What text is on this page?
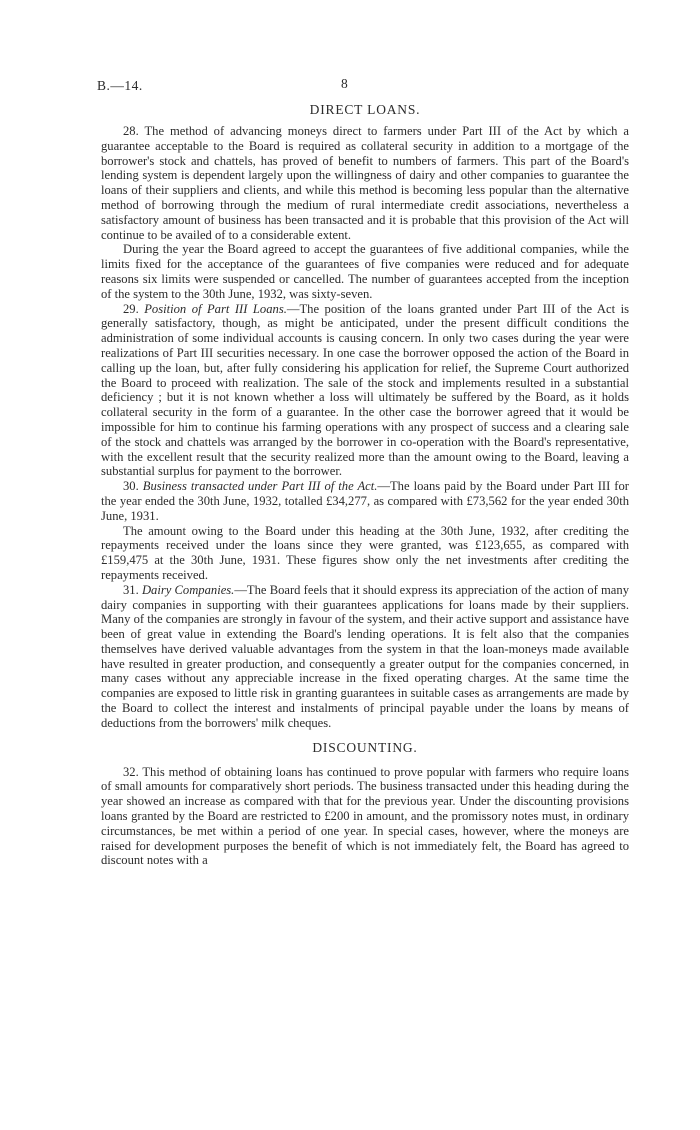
B.—14.	8
DIRECT LOANS.

28. The method of advancing moneys direct to farmers under Part III of the Act by which a guarantee acceptable to the Board is required as collateral security in addition to a mortgage of the borrower's stock and chattels, has proved of benefit to numbers of farmers. This part of the Board's lending system is dependent largely upon the willingness of dairy and other companies to guarantee the loans of their suppliers and clients, and while this method is becoming less popular than the alternative method of borrowing through the medium of rural intermediate credit associations, nevertheless a satisfactory amount of business has been transacted and it is probable that this provision of the Act will continue to be availed of to a considerable extent.

During the year the Board agreed to accept the guarantees of five additional companies, while the limits fixed for the acceptance of the guarantees of five companies were reduced and for adequate reasons six limits were suspended or cancelled. The number of guarantees accepted from the inception of the system to the 30th June, 1932, was sixty-seven.

29. Position of Part III Loans.—The position of the loans granted under Part III of the Act is generally satisfactory, though, as might be anticipated, under the present difficult conditions the administration of some individual accounts is causing concern. In only two cases during the year were realizations of Part III securities necessary. In one case the borrower opposed the action of the Board in calling up the loan, but, after fully considering his application for relief, the Supreme Court authorized the Board to proceed with realization. The sale of the stock and implements resulted in a substantial deficiency ; but it is not known whether a loss will ultimately be suffered by the Board, as it holds collateral security in the form of a guarantee. In the other case the borrower agreed that it would be impossible for him to continue his farming operations with any prospect of success and a clearing sale of the stock and chattels was arranged by the borrower in co-operation with the Board's representative, with the excellent result that the security realized more than the amount owing to the Board, leaving a substantial surplus for payment to the borrower.

30. Business transacted under Part III of the Act.—The loans paid by the Board under Part III for the year ended the 30th June, 1932, totalled £34,277, as compared with £73,562 for the year ended 30th June, 1931.

The amount owing to the Board under this heading at the 30th June, 1932, after crediting the repayments received under the loans since they were granted, was £123,655, as compared with £159,475 at the 30th June, 1931. These figures show only the net investments after crediting the repayments received.

31. Dairy Companies.—The Board feels that it should express its appreciation of the action of many dairy companies in supporting with their guarantees applications for loans made by their suppliers. Many of the companies are strongly in favour of the system, and their active support and assistance have been of great value in extending the Board's lending operations. It is felt also that the companies themselves have derived valuable advantages from the system in that the loan-moneys made available have resulted in greater production, and consequently a greater output for the companies concerned, in many cases without any appreciable increase in the fixed operating charges. At the same time the companies are exposed to little risk in granting guarantees in suitable cases as arrangements are made by the Board to collect the interest and instalments of principal payable under the loans by means of deductions from the borrowers' milk cheques.

DISCOUNTING.

32. This method of obtaining loans has continued to prove popular with farmers who require loans of small amounts for comparatively short periods. The business transacted under this heading during the year showed an increase as compared with that for the previous year. Under the discounting provisions loans granted by the Board are restricted to £200 in amount, and the promissory notes must, in ordinary circumstances, be met within a period of one year. In special cases, however, where the moneys are raised for development purposes the benefit of which is not immediately felt, the Board has agreed to discount notes with a
